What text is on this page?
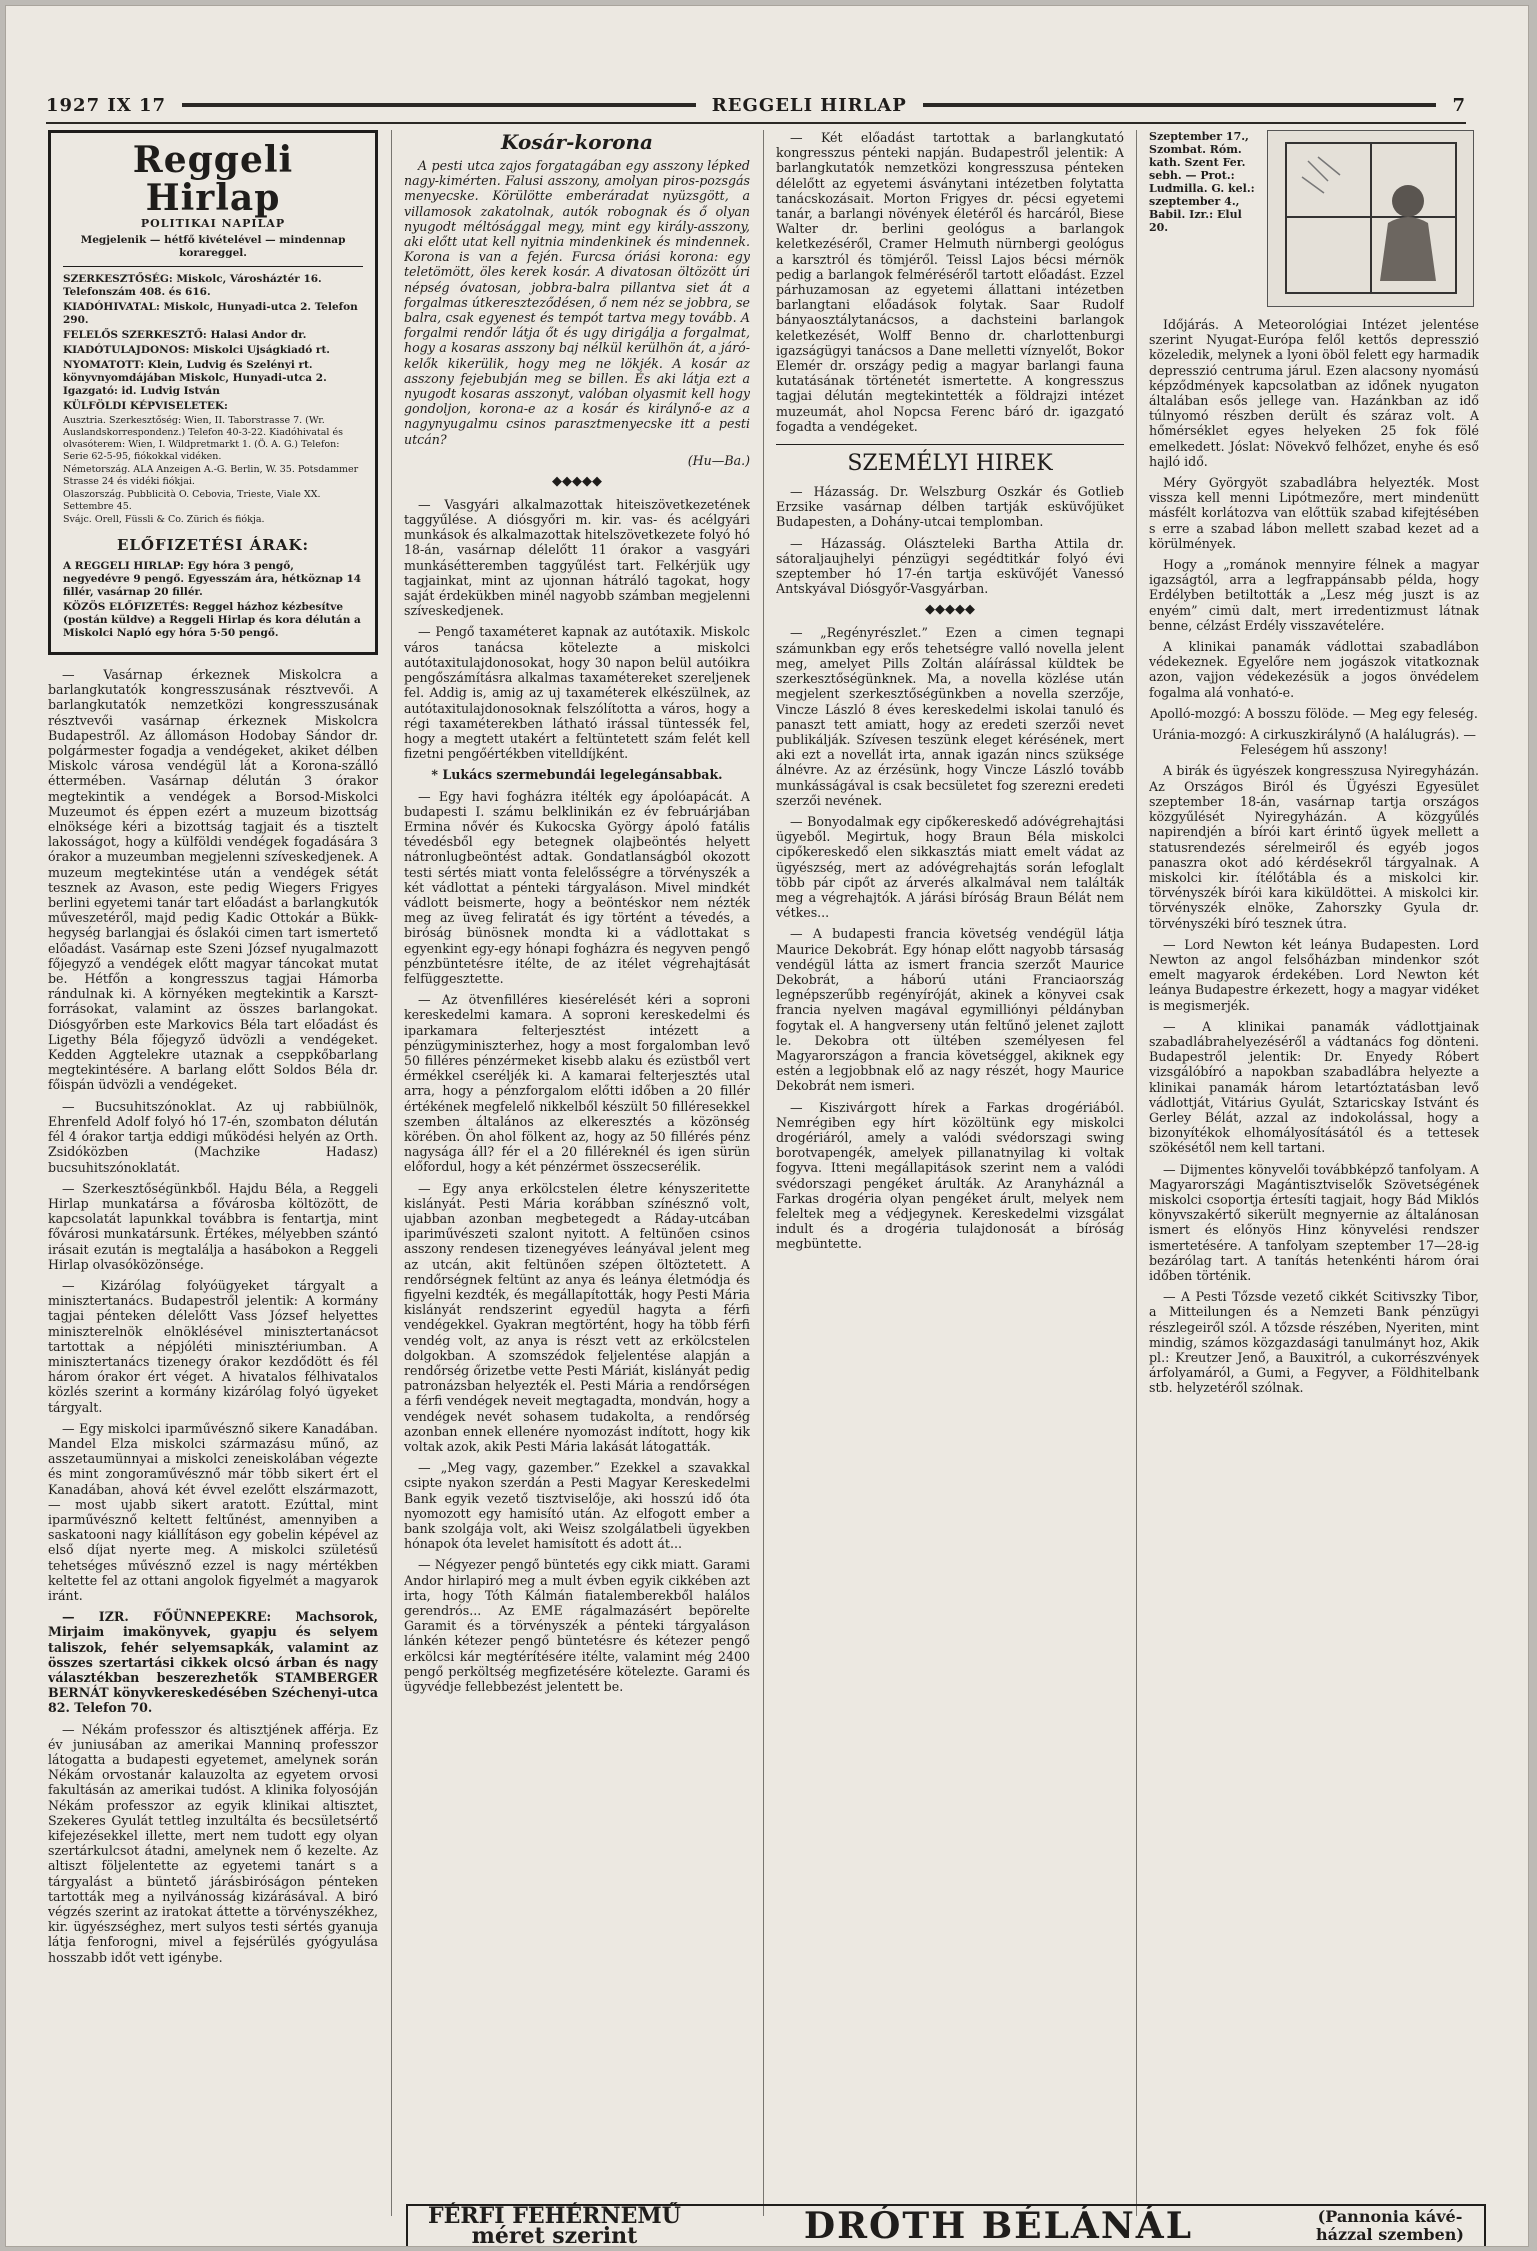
1927 IX 17	REGGELI HIRLAP	7
Reggeli Hirlap
POLITIKAI NAPILAP
Megjelenik — hétfő kivételével — mindennap korareggel.
SZERKESZTŐSÉG: Miskolc, Városháztér 16. Telefonszám 408. és 616.
KIADÓHIVATAL: Miskolc, Hunyadi-utca 2. Telefon 290.
FELELŐS SZERKESZTŐ: Halasi Andor dr.
KIADÓTULAJDONOS: Miskolci Ujságkiadó rt.
NYOMATOTT: Klein, Ludvig és Szelényi rt. könyvnyomdájában Miskolc, Hunyadi-utca 2. Igazgató: id. Ludvig István
KÜLFÖLDI KÉPVISELETEK:
Ausztria. Szerkesztőség: Wien, II. Taborstrasse 7. (Wr. Auslandskorrespondenz.) Telefon 40-3-22. Kiadóhivatal és olvasóterem: Wien, I. Wildpretmarkt 1. (Ö. A. G.) Telefon: Serie 62-5-95, fiókokkal vidéken.
Németország. ALA Anzeigen A.-G. Berlin, W. 35. Potsdammer Strasse 24 és vidéki fiókjai.
Olaszország. Pubblicità O. Cebovia, Trieste, Viale XX. Settembre 45.
Svájc. Orell, Füssli & Co. Zürich és fiókja.
ELŐFIZETÉSI ÁRAK:
A REGGELI HIRLAP: Egy hóra 3 pengő, negyedévre 9 pengő. Egyesszám ára, hétköznap 14 fillér, vasárnap 20 fillér.
KÖZÖS ELŐFIZETÉS: Reggel házhoz kézbesítve (postán küldve) a Reggeli Hirlap és kora délután a Miskolci Napló egy hóra 5·50 pengő.

— Vasárnap érkeznek Miskolcra a barlangkutatók kongresszusának résztvevői. A barlangkutatók nemzetközi kongresszusának résztvevői vasárnap érkeznek Miskolcra Budapestről. Az állomáson Hodobay Sándor dr. polgármester fogadja a vendégeket, akiket délben Miskolc városa vendégül lát a Korona-szálló éttermében. Vasárnap délután 3 órakor megtekintik a vendégek a Borsod-Miskolci Muzeumot és éppen ezért a muzeum bizottság elnöksége kéri a bizottság tagjait és a tisztelt lakosságot, hogy a külföldi vendégek fogadására 3 órakor a muzeumban megjelenni szíveskedjenek. A muzeum megtekintése után a vendégek sétát tesznek az Avason, este pedig Wiegers Frigyes berlini egyetemi tanár tart előadást a barlangkutók műveszetéről, majd pedig Kadic Ottokár a Bükk-hegység barlangjai és őslakói cimen tart ismertető előadást. Vasárnap este Szeni József nyugalmazott főjegyző a vendégek előtt magyar táncokat mutat be. Hétfőn a kongresszus tagjai Hámorba rándulnak ki. A környéken megtekintik a Karszt-forrásokat, valamint az összes barlangokat. Diósgyőrben este Markovics Béla tart előadást és Ligethy Béla főjegyző üdvözli a vendégeket. Kedden Aggtelekre utaznak a cseppkőbarlang megtekintésére. A barlang előtt Soldos Béla dr. főispán üdvözli a vendégeket.

— Bucsuhitszónoklat. Az uj rabbiülnök, Ehrenfeld Adolf folyó hó 17-én, szombaton délután fél 4 órakor tartja eddigi működési helyén az Orth. Zsidóközben (Machzike Hadasz) bucsuhitszónoklatát.

— Szerkesztőségünkből. Hajdu Béla, a Reggeli Hirlap munkatársa a fővárosba költözött, de kapcsolatát lapunkkal továbbra is fentartja, mint fővárosi munkatársunk. Értékes, mélyebben szántó irásait ezután is megtalálja a hasábokon a Reggeli Hirlap olvasóközönsége.

— Kizárólag folyóügyeket tárgyalt a minisztertanács. Budapestről jelentik: A kormány tagjai pénteken délelőtt Vass József helyettes miniszterelnök elnöklésével minisztertanácsot tartottak a népjóléti minisztériumban. A minisztertanács tizenegy órakor kezdődött és fél három órakor ért véget. A hivatalos félhivatalos közlés szerint a kormány kizárólag folyó ügyeket tárgyalt.

— Egy miskolci iparművésznő sikere Kanadában. Mandel Elza miskolci származásu műnő, az asszetaumünnyai a miskolci zeneiskolában végezte és mint zongoraművésznő már több sikert ért el Kanadában, ahová két évvel ezelőtt elszármazott, — most ujabb sikert aratott. Ezúttal, mint iparművésznő keltett feltűnést, amennyiben a saskatooni nagy kiállításon egy gobelin képével az első díjat nyerte meg. A miskolci születésű tehetséges művésznő ezzel is nagy mértékben keltette fel az ottani angolok figyelmét a magyarok iránt.

— IZR. FŐÜNNEPEKRE: Machsorok, Mirjaim imakönyvek, gyapju és selyem taliszok, fehér selyemsapkák, valamint az összes szertartási cikkek olcsó árban és nagy választékban beszerezhetők STAMBERGER BERNÁT könyvkereskedésében Széchenyi-utca 82. Telefon 70.

— Nékám professzor és altisztjének afférja. Ez év juniusában az amerikai Manninq professzor látogatta a budapesti egyetemet, amelynek során Nékám orvostanár kalauzolta az egyetem orvosi fakultásán az amerikai tudóst. A klinika folyosóján Nékám professzor az egyik klinikai altisztet, Szekeres Gyulát tettleg inzultálta és becsületsértő kifejezésekkel illette, mert nem tudott egy olyan szertárkulcsot átadni, amelynek nem ő kezelte. Az altiszt följelentette az egyetemi tanárt s a tárgyalást a büntető járásbiróságon pénteken tartották meg a nyilvánosság kizárásával. A biró végzés szerint az iratokat áttette a törvényszékhez, kir. ügyészséghez, mert sulyos testi sértés gyanuja látja fenforogni, mivel a fejsérülés gyógyulása hosszabb időt vett igénybe.

Kosár-korona

A pesti utca zajos forgatagában egy asszony lépked nagy-kimérten. Falusi asszony, amolyan piros-pozsgás menyecske. Körülötte emberáradat nyüzsgött, a villamosok zakatolnak, autók robognak és ő olyan nyugodt méltósággal megy, mint egy király-asszony, aki előtt utat kell nyitnia mindenkinek és mindennek. Korona is van a fején. Furcsa óriási korona: egy teletömött, öles kerek kosár. A divatosan öltözött úri népség óvatosan, jobbra-balra pillantva siet át a forgalmas útkereszteződésen, ő nem néz se jobbra, se balra, csak egyenest és tempót tartva megy tovább. A forgalmi rendőr látja őt és ugy dirigálja a forgalmat, hogy a kosaras asszony baj nélkül kerülhön át, a járó-kelők kikerülik, hogy meg ne lökjék. A kosár az asszony fejebubján meg se billen. És aki látja ezt a nyugodt kosaras asszonyt, valóban olyasmit kell hogy gondoljon, korona-e az a kosár és királynő-e az a nagynyugalmu csinos parasztmenyecske itt a pesti utcán?

(Hu—Ba.)
◆◆◆◆◆

— Vasgyári alkalmazottak hiteiszövetkezetének taggyűlése. A diósgyőri m. kir. vas- és acélgyári munkások és alkalmazottak hitelszövetkezete folyó hó 18-án, vasárnap délelőtt 11 órakor a vasgyári munkásétteremben taggyűlést tart. Felkérjük ugy tagjainkat, mint az ujonnan hátráló tagokat, hogy saját érdekükben minél nagyobb számban megjelenni szíveskedjenek.

— Pengő taxaméteret kapnak az autótaxik. Miskolc város tanácsa kötelezte a miskolci autótaxitulajdonosokat, hogy 30 napon belül autóikra pengőszámításra alkalmas taxamétereket szereljenek fel. Addig is, amig az uj taxaméterek elkészülnek, az autótaxitulajdonosoknak felszólította a város, hogy a régi taxaméterekben látható irással tüntessék fel, hogy a megtett utakért a feltüntetett szám felét kell fizetni pengőértékben vitelldíjként.

* Lukács szermebundái legelegánsabbak.

— Egy havi fogházra itélték egy ápolóapácát. A budapesti I. számu belklinikán ez év februárjában Ermina nővér és Kukocska György ápoló fatális tévedésből egy betegnek olajbeöntés helyett nátronlugbeöntést adtak. Gondatlanságból okozott testi sértés miatt vonta felelősségre a törvényszék a két vádlottat a pénteki tárgyaláson. Mivel mindkét vádlott beismerte, hogy a beöntéskor nem nézték meg az üveg feliratát és igy történt a tévedés, a biróság bünösnek mondta ki a vádlottakat s egyenkint egy-egy hónapi fogházra és negyven pengő pénzbüntetésre itélte, de az itélet végrehajtását felfüggesztette.

— Az ötvenfilléres kiesérelését kéri a soproni kereskedelmi kamara. A soproni kereskedelmi és iparkamara felterjesztést intézett a pénzügyminiszterhez, hogy a most forgalomban levő 50 filléres pénzérmeket kisebb alaku és ezüstből vert érmékkel cseréljék ki. A kamarai felterjesztés utal arra, hogy a pénzforgalom előtti időben a 20 fillér értékének megfelelő nikkelből készült 50 filléresekkel szemben általános az elkeresztés a közönség körében. Ön ahol fölkent az, hogy az 50 fillérés pénz nagysága áll? fér el a 20 filléreknél és igen sürün előfordul, hogy a két pénzérmet összecserélik.

— Egy anya erkölcstelen életre kényszeritette kislányát. Pesti Mária korábban színésznő volt, ujabban azonban megbetegedt a Ráday-utcában ipariművészeti szalont nyitott. A feltünően csinos asszony rendesen tizenegyéves leányával jelent meg az utcán, akit feltünően szépen öltöztetett. A rendőrségnek feltünt az anya és leánya életmódja és figyelni kezdték, és megállapították, hogy Pesti Mária kislányát rendszerint egyedül hagyta a férfi vendégekkel. Gyakran megtörtént, hogy ha több férfi vendég volt, az anya is részt vett az erkölcstelen dolgokban. A szomszédok feljelentése alapján a rendőrség őrizetbe vette Pesti Máriát, kislányát pedig patronázsban helyezték el. Pesti Mária a rendőrségen a férfi vendégek neveit megtagadta, mondván, hogy a vendégek nevét sohasem tudakolta, a rendőrség azonban ennek ellenére nyomozást indított, hogy kik voltak azok, akik Pesti Mária lakását látogatták.

— „Meg vagy, gazember.” Ezekkel a szavakkal csipte nyakon szerdán a Pesti Magyar Kereskedelmi Bank egyik vezető tisztviselője, aki hosszú idő óta nyomozott egy hamisító után. Az elfogott ember a bank szolgája volt, aki Weisz szolgálatbeli ügyekben hónapok óta levelet hamisított és adott át...

— Négyezer pengő büntetés egy cikk miatt. Garami Andor hirlapiró meg a mult évben egyik cikkében azt irta, hogy Tóth Kálmán fiatalemberekből halálos gerendrós... Az EME rágalmazásért bepörelte Garamit és a törvényszék a pénteki tárgyaláson lánkén kétezer pengő büntetésre és kétezer pengő erkölcsi kár megtérítésére itélte, valamint még 2400 pengő perköltség megfizetésére kötelezte. Garami és ügyvédje fellebbezést jelentett be.

— Két előadást tartottak a barlangkutató kongresszus pénteki napján. Budapestről jelentik: A barlangkutatók nemzetközi kongresszusa pénteken délelőtt az egyetemi ásványtani intézetben folytatta tanácskozásait. Morton Frigyes dr. pécsi egyetemi tanár, a barlangi növények életéről és harcáról, Biese Walter dr. berlini geológus a barlangok keletkezéséről, Cramer Helmuth nürnbergi geológus a karsztról és tömjéről. Teissl Lajos bécsi mérnök pedig a barlangok felméréséről tartott előadást. Ezzel párhuzamosan az egyetemi állattani intézetben barlangtani előadások folytak. Saar Rudolf bányaosztálytanácsos, a dachsteini barlangok keletkezését, Wolff Benno dr. charlottenburgi igazságügyi tanácsos a Dane melletti víznyelőt, Bokor Elemér dr. országy pedig a magyar barlangi fauna kutatásának történetét ismertette. A kongresszus tagjai délután megtekintették a földrajzi intézet muzeumát, ahol Nopcsa Ferenc báró dr. igazgató fogadta a vendégeket.

SZEMÉLYI HIREK

— Házasság. Dr. Welszburg Oszkár és Gotlieb Erzsike vasárnap délben tartják esküvőjüket Budapesten, a Dohány-utcai templomban.

— Házasság. Olászteleki Bartha Attila dr. sátoraljaujhelyi pénzügyi segédtitkár folyó évi szeptember hó 17-én tartja esküvőjét Vanessó Antskyával Diósgyőr-Vasgyárban.

◆◆◆◆◆

— „Regényrészlet.” Ezen a cimen tegnapi számunkban egy erős tehetségre valló novella jelent meg, amelyet Pills Zoltán aláírással küldtek be szerkesztőségünknek. Ma, a novella közlése után megjelent szerkesztőségünkben a novella szerzője, Vincze László 8 éves kereskedelmi iskolai tanuló és panaszt tett amiatt, hogy az eredeti szerzői nevet publikálják. Szívesen teszünk eleget kérésének, mert aki ezt a novellát irta, annak igazán nincs szüksége álnévre. Az az érzésünk, hogy Vincze László tovább munkásságával is csak becsületet fog szerezni eredeti szerzői nevének.

— Bonyodalmak egy cipőkereskedő adóvégrehajtási ügyeből. Megirtuk, hogy Braun Béla miskolci cipőkereskedő elen sikkasztás miatt emelt vádat az ügyészség, mert az adóvégrehajtás során lefoglalt több pár cipőt az árverés alkalmával nem találták meg a végrehajtók. A járási bíróság Braun Bélát nem vétkes...

— A budapesti francia követség vendégül látja Maurice Dekobrát. Egy hónap előtt nagyobb társaság vendégül látta az ismert francia szerzőt Maurice Dekobrát, a háború utáni Franciaország legnépszerűbb regényíróját, akinek a könyvei csak francia nyelven magával egymilliónyi példányban fogytak el. A hangverseny után feltűnő jelenet zajlott le. Dekobra ott ültében személyesen fel Magyarországon a francia követséggel, akiknek egy estén a legjobbnak elő az nagy részét, hogy Maurice Dekobrát nem ismeri.

— Kiszivárgott hírek a Farkas drogériából. Nemrégiben egy hírt közöltünk egy miskolci drogériáról, amely a valódi svédorszagi swing borotvapengék, amelyek pillanatnyilag ki voltak fogyva. Itteni megállapitások szerint nem a valódi svédorszagi pengéket árulták. Az Aranyháznál a Farkas drogéria olyan pengéket árult, melyek nem feleltek meg a védjegynek. Kereskedelmi vizsgálat indult és a drogéria tulajdonosát a bíróság megbüntette.

Szeptember 17., Szombat. Róm. kath. Szent Fer. sebh. — Prot.: Ludmilla. G. kel.: szeptember 4., Babil. Izr.: Elul 20.

Időjárás. A Meteorológiai Intézet jelentése szerint Nyugat-Európa felől kettős depresszió közeledik, melynek a lyoni öböl felett egy harmadik depresszió centruma járul. Ezen alacsony nyomású képződmények kapcsolatban az időnek nyugaton általában esős jellege van. Hazánkban az idő túlnyomó részben derült és száraz volt. A hőmérséklet egyes helyeken 25 fok fölé emelkedett. Jóslat: Növekvő felhőzet, enyhe és eső hajló idő.

Méry Györgyöt szabadlábra helyezték. Most vissza kell menni Lipótmezőre, mert mindenütt másfélt korlátozva van előttük szabad kifejtésében s erre a szabad lábon mellett szabad kezet ad a körülmények.

Hogy a „románok mennyire félnek a magyar igazságtól, arra a legfrappánsabb példa, hogy Erdélyben betiltották a „Lesz még juszt is az enyém” cimü dalt, mert irredentizmust látnak benne, célzást Erdély visszavételére.

A klinikai panamák vádlottai szabadlábon védekeznek. Egyelőre nem jogászok vitatkoznak azon, vajjon védekezésük a jogos önvédelem fogalma alá vonható-e.

Apolló-mozgó: A bosszu fölöde. — Meg egy feleség.

Uránia-mozgó: A cirkuszkirálynő (A halálugrás). — Feleségem hű asszony!

A birák és ügyészek kongresszusa Nyiregyházán. Az Országos Biról és Ügyészi Egyesület szeptember 18-án, vasárnap tartja országos közgyűlését Nyiregyházán. A közgyűlés napirendjén a bírói kart érintő ügyek mellett a statusrendezés sérelmeiről és egyéb jogos panaszra okot adó kérdésekről tárgyalnak. A miskolci kir. ítélőtábla és a miskolci kir. törvényszék bírói kara kiküldöttei. A miskolci kir. törvényszék elnöke, Zahorszky Gyula dr. törvényszéki bíró tesznek útra.

— Lord Newton két leánya Budapesten. Lord Newton az angol felsőházban mindenkor szót emelt magyarok érdekében. Lord Newton két leánya Budapestre érkezett, hogy a magyar vidéket is megismerjék.

— A klinikai panamák vádlottjainak szabadlábrahelyezéséről a vádtanács fog dönteni. Budapestről jelentik: Dr. Enyedy Róbert vizsgálóbíró a napokban szabadlábra helyezte a klinikai panamák három letartóztatásban levő vádlottját, Vitárius Gyulát, Sztaricskay Istvánt és Gerley Bélát, azzal az indokolással, hogy a bizonyítékok elhomályosításától és a tettesek szökésétől nem kell tartani.

— Dijmentes könyvelői továbbképző tanfolyam. A Magyarországi Magántisztviselők Szövetségének miskolci csoportja értesíti tagjait, hogy Bád Miklós könyvszakértő sikerült megnyernie az általánosan ismert és előnyös Hinz könyvelési rendszer ismertetésére. A tanfolyam szeptember 17—28-ig bezárólag tart. A tanítás hetenkénti három órai időben történik.

— A Pesti Tőzsde vezető cikkét Scitivszky Tibor, a Mitteilungen és a Nemzeti Bank pénzügyi részlegeiről szól. A tőzsde részében, Nyeriten, mint mindig, számos közgazdasági tanulmányt hoz, Akik pl.: Kreutzer Jenő, a Bauxitról, a cukorrészvények árfolyamáról, a Gumi, a Fegyver, a Földhitelbank stb. helyzetéről szólnak.

FÉRFI FEHÉRNEMŰ
méret szerint	DRÓTH BÉLÁNÁL	(Pannonia kávé-
házzal szemben)
